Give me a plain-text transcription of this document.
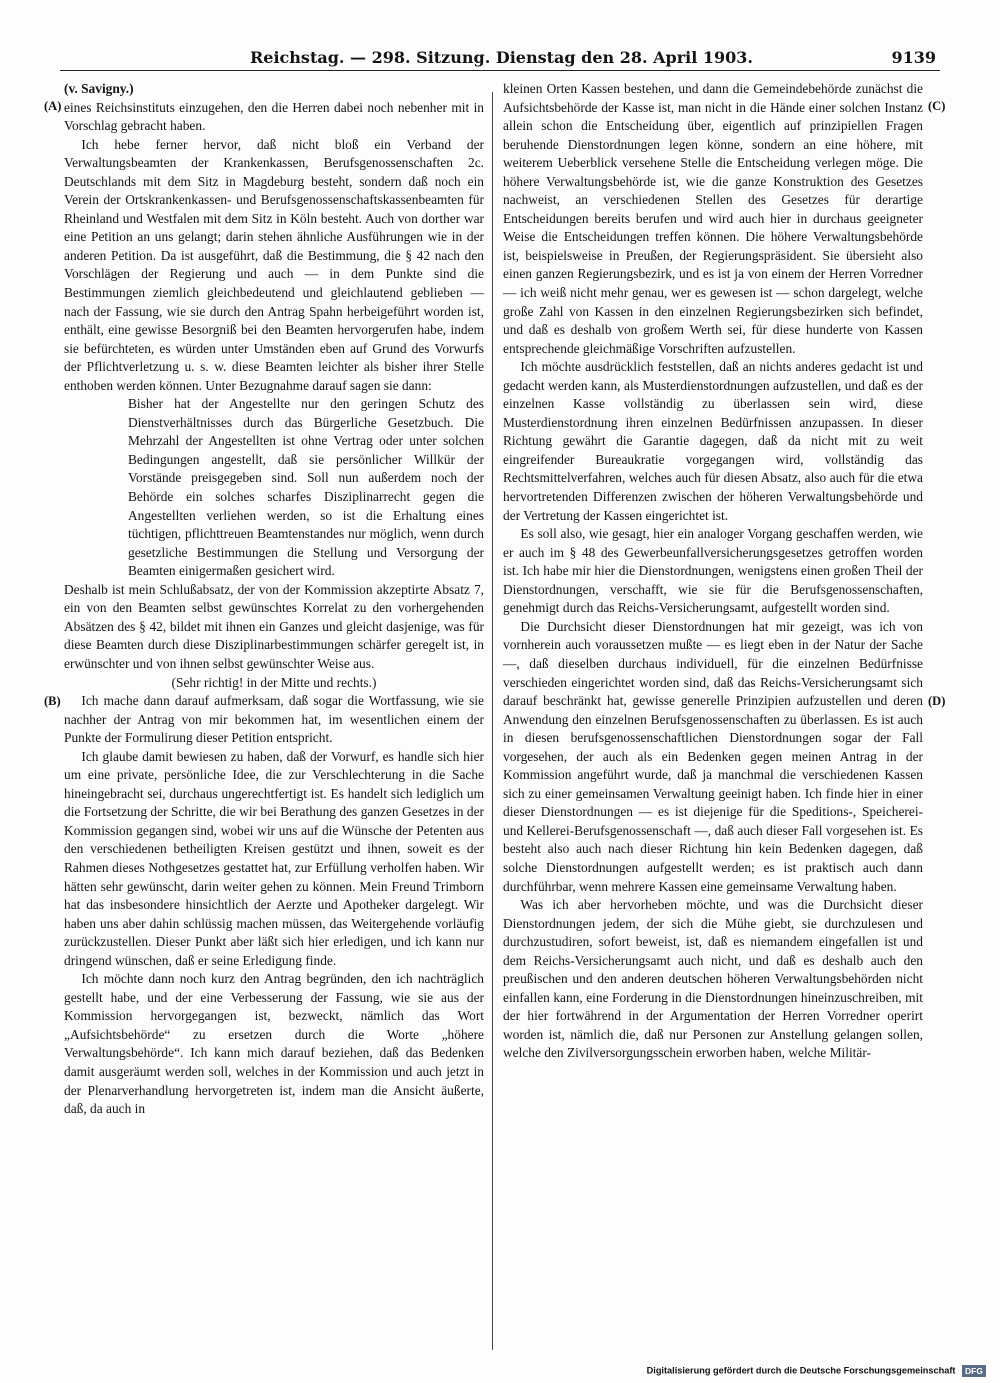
Reichstag. — 298. Sitzung. Dienstag den 28. April 1903.	9139
(A)
(B)
(C)
(D)

(v. Savigny.)

eines Reichsinstituts einzugehen, den die Herren dabei noch nebenher mit in Vorschlag gebracht haben.

Ich hebe ferner hervor, daß nicht bloß ein Verband der Verwaltungsbeamten der Krankenkassen, Berufsgenossenschaften 2c. Deutschlands mit dem Sitz in Magdeburg besteht, sondern daß noch ein Verein der Ortskrankenkassen- und Berufsgenossenschaftskassenbeamten für Rheinland und Westfalen mit dem Sitz in Köln besteht. Auch von dorther war eine Petition an uns gelangt; darin stehen ähnliche Ausführungen wie in der anderen Petition. Da ist ausgeführt, daß die Bestimmung, die § 42 nach den Vorschlägen der Regierung und auch — in dem Punkte sind die Bestimmungen ziemlich gleichbedeutend und gleichlautend geblieben — nach der Fassung, wie sie durch den Antrag Spahn herbeigeführt worden ist, enthält, eine gewisse Besorgniß bei den Beamten hervorgerufen habe, indem sie befürchteten, es würden unter Umständen eben auf Grund des Vorwurfs der Pflichtverletzung u. s. w. diese Beamten leichter als bisher ihrer Stelle enthoben werden können. Unter Bezugnahme darauf sagen sie dann:

Bisher hat der Angestellte nur den geringen Schutz des Dienstverhältnisses durch das Bürgerliche Gesetzbuch. Die Mehrzahl der Angestellten ist ohne Vertrag oder unter solchen Bedingungen angestellt, daß sie persönlicher Willkür der Vorstände preisgegeben sind. Soll nun außerdem noch der Behörde ein solches scharfes Disziplinarrecht gegen die Angestellten verliehen werden, so ist die Erhaltung eines tüchtigen, pflichttreuen Beamtenstandes nur möglich, wenn durch gesetzliche Bestimmungen die Stellung und Versorgung der Beamten einigermaßen gesichert wird.

Deshalb ist mein Schlußabsatz, der von der Kommission akzeptirte Absatz 7, ein von den Beamten selbst gewünschtes Korrelat zu den vorhergehenden Absätzen des § 42, bildet mit ihnen ein Ganzes und gleicht dasjenige, was für diese Beamten durch diese Disziplinarbestimmungen schärfer geregelt ist, in erwünschter und von ihnen selbst gewünschter Weise aus.

(Sehr richtig! in der Mitte und rechts.)

Ich mache dann darauf aufmerksam, daß sogar die Wortfassung, wie sie nachher der Antrag von mir bekommen hat, im wesentlichen einem der Punkte der Formulirung dieser Petition entspricht.

Ich glaube damit bewiesen zu haben, daß der Vorwurf, es handle sich hier um eine private, persönliche Idee, die zur Verschlechterung in die Sache hineingebracht sei, durchaus ungerechtfertigt ist. Es handelt sich lediglich um die Fortsetzung der Schritte, die wir bei Berathung des ganzen Gesetzes in der Kommission gegangen sind, wobei wir uns auf die Wünsche der Petenten aus den verschiedenen betheiligten Kreisen gestützt und ihnen, soweit es der Rahmen dieses Nothgesetzes gestattet hat, zur Erfüllung verholfen haben. Wir hätten sehr gewünscht, darin weiter gehen zu können. Mein Freund Trimborn hat das insbesondere hinsichtlich der Aerzte und Apotheker dargelegt. Wir haben uns aber dahin schlüssig machen müssen, das Weitergehende vorläufig zurückzustellen. Dieser Punkt aber läßt sich hier erledigen, und ich kann nur dringend wünschen, daß er seine Erledigung finde.

Ich möchte dann noch kurz den Antrag begründen, den ich nachträglich gestellt habe, und der eine Verbesserung der Fassung, wie sie aus der Kommission hervorgegangen ist, bezweckt, nämlich das Wort „Aufsichtsbehörde“ zu ersetzen durch die Worte „höhere Verwaltungsbehörde“. Ich kann mich darauf beziehen, daß das Bedenken damit ausgeräumt werden soll, welches in der Kommission und auch jetzt in der Plenarverhandlung hervorgetreten ist, indem man die Ansicht äußerte, daß, da auch in

kleinen Orten Kassen bestehen, und dann die Gemeindebehörde zunächst die Aufsichtsbehörde der Kasse ist, man nicht in die Hände einer solchen Instanz allein schon die Entscheidung über, eigentlich auf prinzipiellen Fragen beruhende Dienstordnungen legen könne, sondern an eine höhere, mit weiterem Ueberblick versehene Stelle die Entscheidung verlegen möge. Die höhere Verwaltungsbehörde ist, wie die ganze Konstruktion des Gesetzes nachweist, an verschiedenen Stellen des Gesetzes für derartige Entscheidungen bereits berufen und wird auch hier in durchaus geeigneter Weise die Entscheidungen treffen können. Die höhere Verwaltungsbehörde ist, beispielsweise in Preußen, der Regierungspräsident. Sie übersieht also einen ganzen Regierungsbezirk, und es ist ja von einem der Herren Vorredner — ich weiß nicht mehr genau, wer es gewesen ist — schon dargelegt, welche große Zahl von Kassen in den einzelnen Regierungsbezirken sich befindet, und daß es deshalb von großem Werth sei, für diese hunderte von Kassen entsprechende gleichmäßige Vorschriften aufzustellen.

Ich möchte ausdrücklich feststellen, daß an nichts anderes gedacht ist und gedacht werden kann, als Musterdienstordnungen aufzustellen, und daß es der einzelnen Kasse vollständig zu überlassen sein wird, diese Musterdienstordnung ihren einzelnen Bedürfnissen anzupassen. In dieser Richtung gewährt die Garantie dagegen, daß da nicht mit zu weit eingreifender Bureaukratie vorgegangen wird, vollständig das Rechtsmittelverfahren, welches auch für diesen Absatz, also auch für die etwa hervortretenden Differenzen zwischen der höheren Verwaltungsbehörde und der Vertretung der Kassen eingerichtet ist.

Es soll also, wie gesagt, hier ein analoger Vorgang geschaffen werden, wie er auch im § 48 des Gewerbeunfallversicherungsgesetzes getroffen worden ist. Ich habe mir hier die Dienstordnungen, wenigstens einen großen Theil der Dienstordnungen, verschafft, wie sie für die Berufsgenossenschaften, genehmigt durch das Reichs-Versicherungsamt, aufgestellt worden sind.

Die Durchsicht dieser Dienstordnungen hat mir gezeigt, was ich von vornherein auch voraussetzen mußte — es liegt eben in der Natur der Sache —, daß dieselben durchaus individuell, für die einzelnen Bedürfnisse verschieden eingerichtet worden sind, daß das Reichs-Versicherungsamt sich darauf beschränkt hat, gewisse generelle Prinzipien aufzustellen und deren Anwendung den einzelnen Berufsgenossenschaften zu überlassen. Es ist auch in diesen berufsgenossenschaftlichen Dienstordnungen sogar der Fall vorgesehen, der auch als ein Bedenken gegen meinen Antrag in der Kommission angeführt wurde, daß ja manchmal die verschiedenen Kassen sich zu einer gemeinsamen Verwaltung geeinigt haben. Ich finde hier in einer dieser Dienstordnungen — es ist diejenige für die Speditions-, Speicherei- und Kellerei-Berufsgenossenschaft —, daß auch dieser Fall vorgesehen ist. Es besteht also auch nach dieser Richtung hin kein Bedenken dagegen, daß solche Dienstordnungen aufgestellt werden; es ist praktisch auch dann durchführbar, wenn mehrere Kassen eine gemeinsame Verwaltung haben.

Was ich aber hervorheben möchte, und was die Durchsicht dieser Dienstordnungen jedem, der sich die Mühe giebt, sie durchzulesen und durchzustudiren, sofort beweist, ist, daß es niemandem eingefallen ist und dem Reichs-Versicherungsamt auch nicht, und daß es deshalb auch den preußischen und den anderen deutschen höheren Verwaltungsbehörden nicht einfallen kann, eine Forderung in die Dienstordnungen hineinzuschreiben, mit der hier fortwährend in der Argumentation der Herren Vorredner operirt worden ist, nämlich die, daß nur Personen zur Anstellung gelangen sollen, welche den Zivilversorgungsschein erworben haben, welche Militär-

Digitalisierung gefördert durch die Deutsche Forschungsgemeinschaft DFG
